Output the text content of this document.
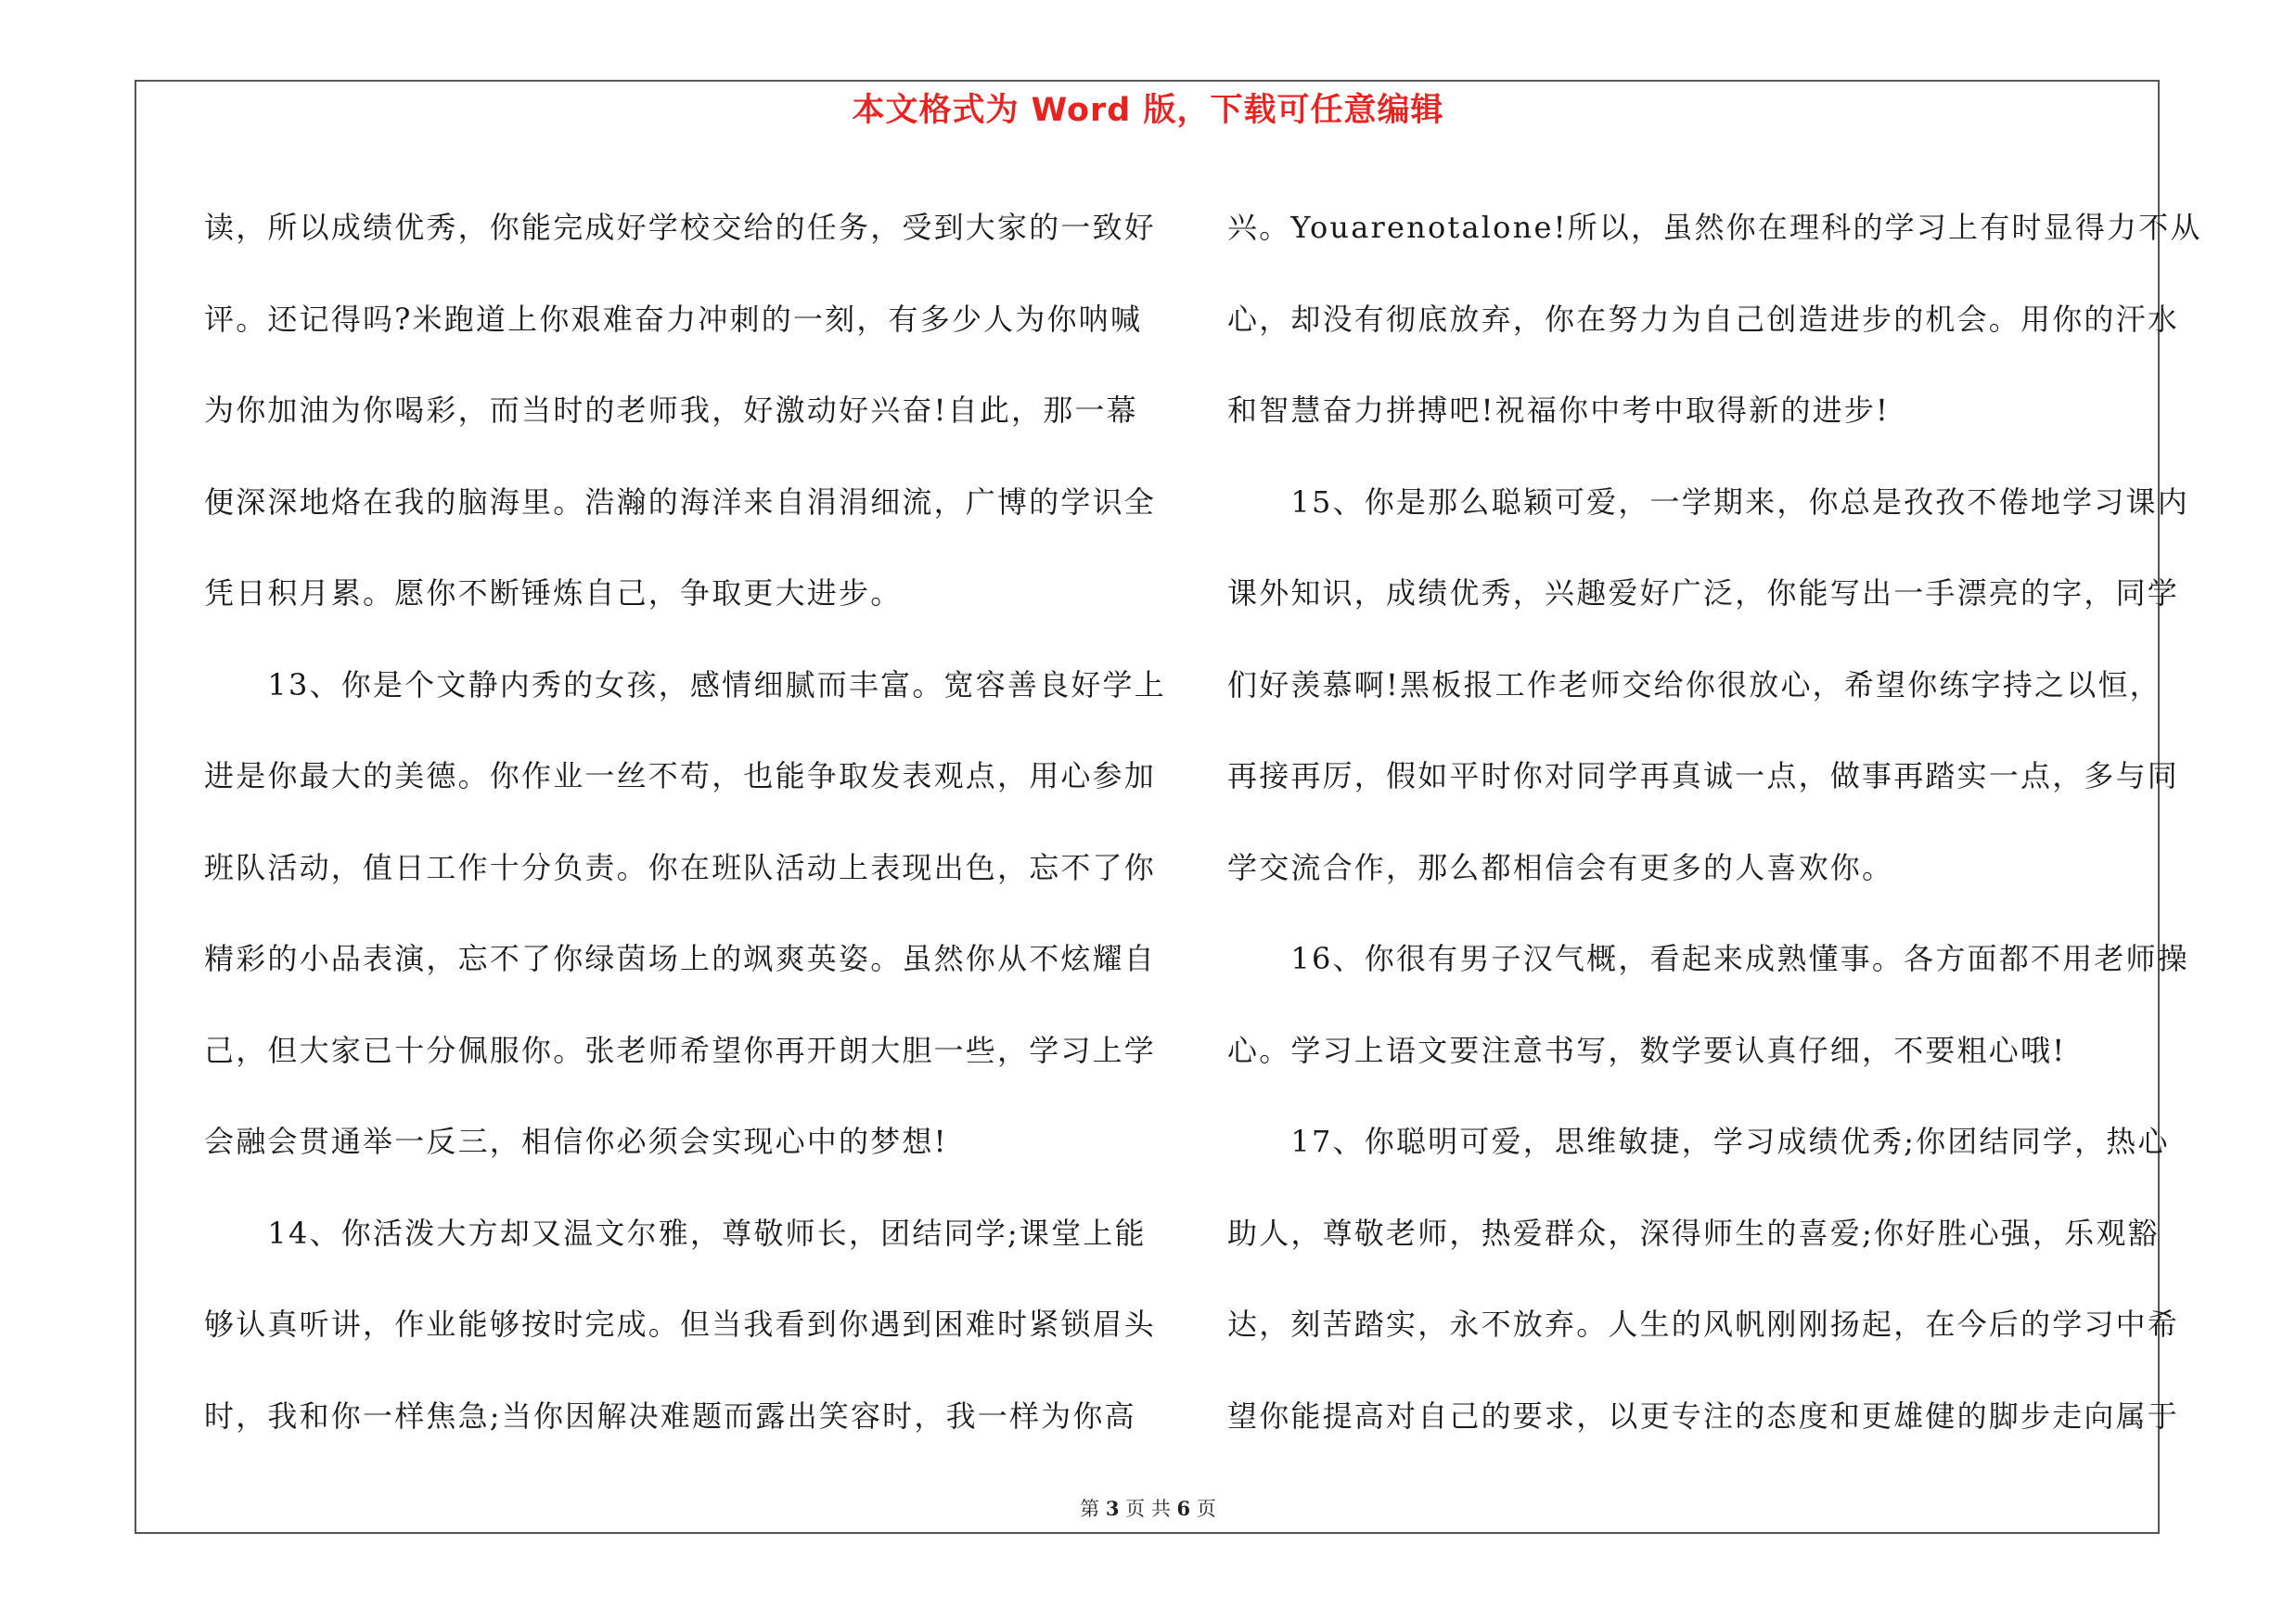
本文格式为 Word 版，下载可任意编辑
读，所以成绩优秀，你能完成好学校交给的任务，受到大家的一致好
评。还记得吗?米跑道上你艰难奋力冲刺的一刻，有多少人为你呐喊
为你加油为你喝彩，而当时的老师我，好激动好兴奋!自此，那一幕
便深深地烙在我的脑海里。浩瀚的海洋来自涓涓细流，广博的学识全
凭日积月累。愿你不断锤炼自己，争取更大进步。
　　13、你是个文静内秀的女孩，感情细腻而丰富。宽容善良好学上
进是你最大的美德。你作业一丝不苟，也能争取发表观点，用心参加
班队活动，值日工作十分负责。你在班队活动上表现出色，忘不了你
精彩的小品表演，忘不了你绿茵场上的飒爽英姿。虽然你从不炫耀自
己，但大家已十分佩服你。张老师希望你再开朗大胆一些，学习上学
会融会贯通举一反三，相信你必须会实现心中的梦想!
　　14、你活泼大方却又温文尔雅，尊敬师长，团结同学;课堂上能
够认真听讲，作业能够按时完成。但当我看到你遇到困难时紧锁眉头
时，我和你一样焦急;当你因解决难题而露出笑容时，我一样为你高
兴。Youarenotalone!所以，虽然你在理科的学习上有时显得力不从
心，却没有彻底放弃，你在努力为自己创造进步的机会。用你的汗水
和智慧奋力拼搏吧!祝福你中考中取得新的进步!
　　15、你是那么聪颖可爱，一学期来，你总是孜孜不倦地学习课内
课外知识，成绩优秀，兴趣爱好广泛，你能写出一手漂亮的字，同学
们好羡慕啊!黑板报工作老师交给你很放心，希望你练字持之以恒，
再接再厉，假如平时你对同学再真诚一点，做事再踏实一点，多与同
学交流合作，那么都相信会有更多的人喜欢你。
　　16、你很有男子汉气概，看起来成熟懂事。各方面都不用老师操
心。学习上语文要注意书写，数学要认真仔细，不要粗心哦!
　　17、你聪明可爱，思维敏捷，学习成绩优秀;你团结同学，热心
助人，尊敬老师，热爱群众，深得师生的喜爱;你好胜心强，乐观豁
达，刻苦踏实，永不放弃。人生的风帆刚刚扬起，在今后的学习中希
望你能提高对自己的要求，以更专注的态度和更雄健的脚步走向属于
第 3 页 共 6 页
